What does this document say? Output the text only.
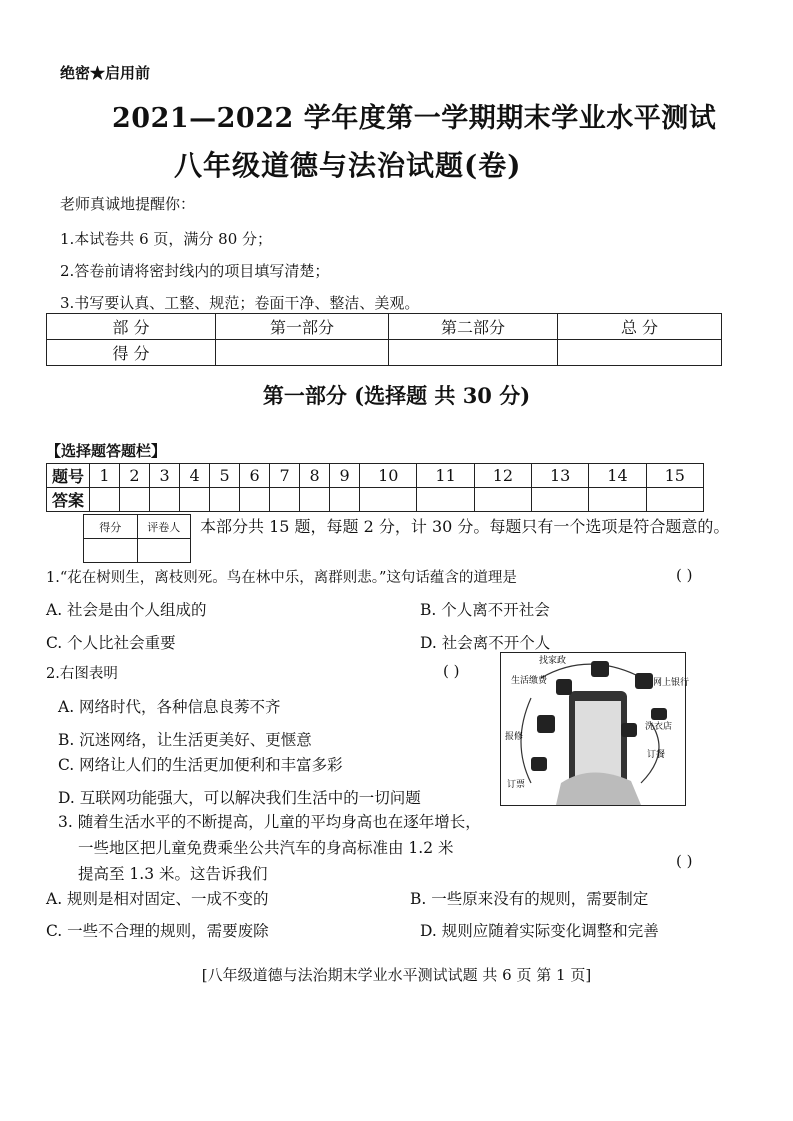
绝密★启用前
2021—2022 学年度第一学期期末学业水平测试
八年级道德与法治试题(卷)
老师真诚地提醒你：
1.本试卷共 6 页，满分 80 分；
2.答卷前请将密封线内的项目填写清楚；
3.书写要认真、工整、规范；卷面干净、整洁、美观。
部 分	第一部分	第二部分	总 分
得 分			
第一部分 (选择题 共 30 分)
【选择题答题栏】
题号	1	2	3	4	5	6	7	8	9	10	11	12	13	14	15
答案															
得分	评卷人
	本部分共 15 题，每题 2 分，计 30 分。每题只有一个选项是符合题意的。
1.“花在树则生，离枝则死。鸟在林中乐，离群则悲。”这句话蕴含的道理是	( )
A. 社会是由个人组成的	B. 个人离不开社会
C. 个人比社会重要	D. 社会离不开个人
2.右图表明	( )
A. 网络时代，各种信息良莠不齐
B. 沉迷网络，让生活更美好、更惬意
C. 网络让人们的生活更加便利和丰富多彩
D. 互联网功能强大，可以解决我们生活中的一切问题
找家政
生活缴费	网上银行
洗衣店
报修
订餐
订票
3. 随着生活水平的不断提高，儿童的平均身高也在逐年增长，
一些地区把儿童免费乘坐公共汽车的身高标准由 1.2 米
提高至 1.3 米。这告诉我们
( )
A. 规则是相对固定、一成不变的	B. 一些原来没有的规则，需要制定
C. 一些不合理的规则，需要废除	D. 规则应随着实际变化调整和完善
[八年级道德与法治期末学业水平测试试题 共 6 页 第 1 页]
